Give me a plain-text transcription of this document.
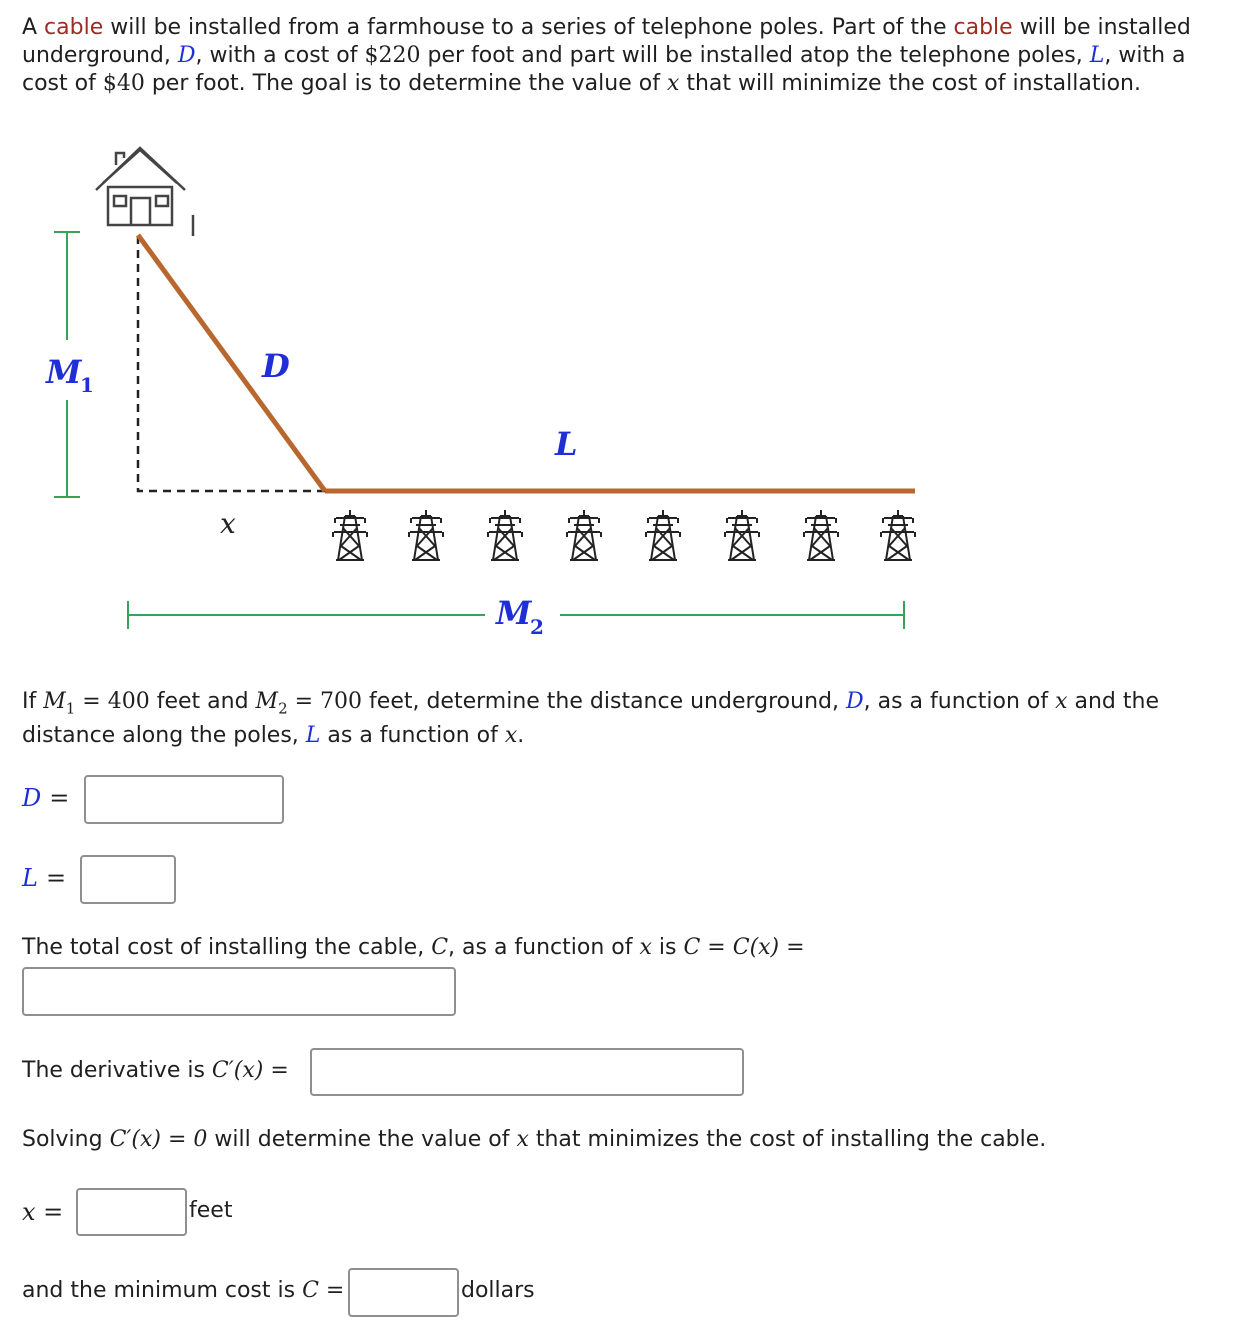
A cable will be installed from a farmhouse to a series of telephone poles. Part of the cable will be installed underground, D, with a cost of $220 per foot and part will be installed atop the telephone poles, L, with a cost of $40 per foot. The goal is to determine the value of x that will minimize the cost of installation.

M
1	D
L
x
M
2

If $M_1 = 400$ feet and $M_2 = 700$ feet, determine the distance underground, D, as a function of x and the distance along the poles, L as a function of x.

D =
L =

The total cost of installing the cable, C, as a function of x is C = C(x) =

The derivative is C′(x) =

Solving C′(x) = 0 will determine the value of x that minimizes the cost of installing the cable.

x =	feet

and the minimum cost is C =	dollars
